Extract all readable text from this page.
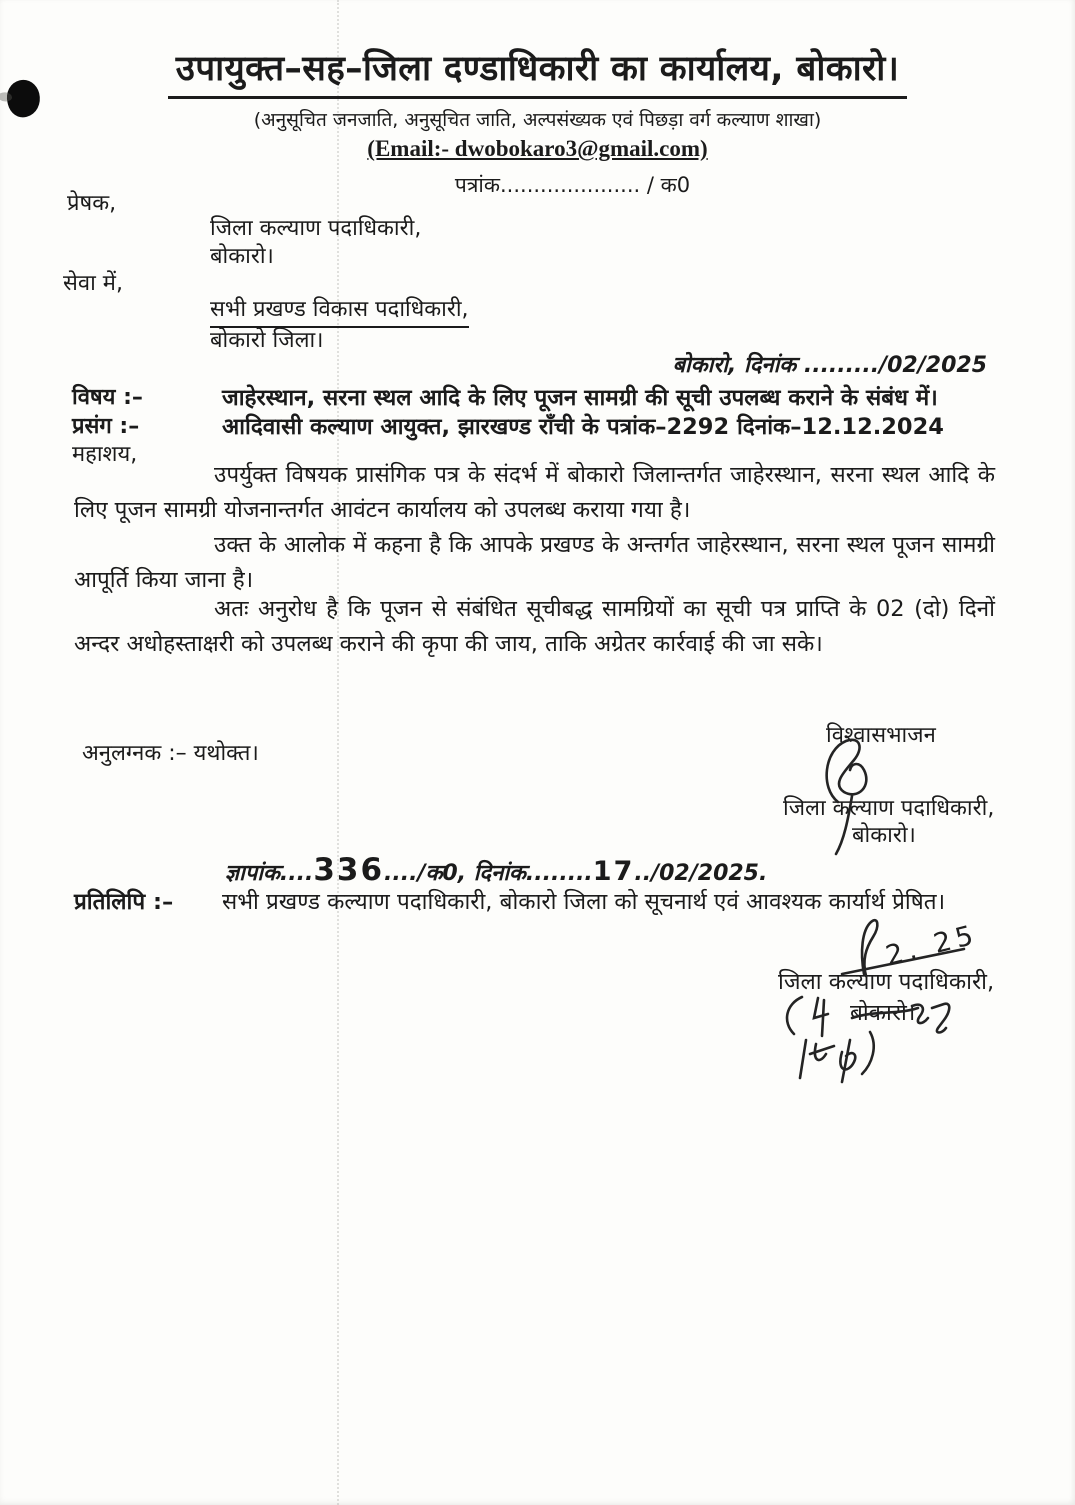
उपायुक्त–सह–जिला दण्डाधिकारी का कार्यालय, बोकारो।
(अनुसूचित जनजाति, अनुसूचित जाति, अल्पसंख्यक एवं पिछड़ा वर्ग कल्याण शाखा)
(Email:- dwobokaro3@gmail.com)
पत्रांक..................... / क0
प्रेषक,
जिला कल्याण पदाधिकारी,
बोकारो।
सेवा में,
सभी प्रखण्ड विकास पदाधिकारी,
बोकारो जिला।
बोकारो, दिनांक ........./02/2025
विषय :–	जाहेरस्थान, सरना स्थल आदि के लिए पूजन सामग्री की सूची उपलब्ध कराने के संबंध में।
प्रसंग :–	आदिवासी कल्याण आयुक्त, झारखण्ड राँची के पत्रांक–2292 दिनांक–12.12.2024
महाशय,
उपर्युक्त विषयक प्रासंगिक पत्र के संदर्भ में बोकारो जिलान्तर्गत जाहेरस्थान, सरना स्थल आदि के लिए पूजन सामग्री योजनान्तर्गत आवंटन कार्यालय को उपलब्ध कराया गया है।
उक्त के आलोक में कहना है कि आपके प्रखण्ड के अन्तर्गत जाहेरस्थान, सरना स्थल पूजन सामग्री आपूर्ति किया जाना है।
अतः अनुरोध है कि पूजन से संबंधित सूचीबद्ध सामग्रियों का सूची पत्र प्राप्ति के 02 (दो) दिनों अन्दर अधोहस्ताक्षरी को उपलब्ध कराने की कृपा की जाय, ताकि अग्रेतर कार्रवाई की जा सके।
अनुलग्नक :– यथोक्त।
विश्वासभाजन
जिला कल्याण पदाधिकारी,
बोकारो।
ज्ञापांक....336..../क0, दिनांक........17../02/2025.
प्रतिलिपि :– सभी प्रखण्ड कल्याण पदाधिकारी, बोकारो जिला को सूचनार्थ एवं आवश्यक कार्यार्थ प्रेषित।
2. 25
जिला कल्याण पदाधिकारी,
बोकारो।
